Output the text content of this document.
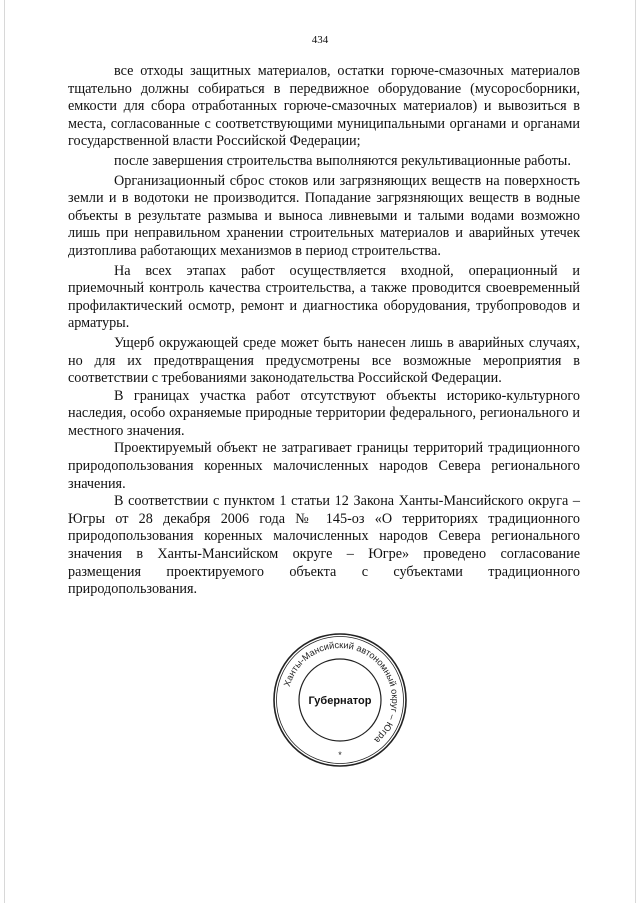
434

все отходы защитных материалов, остатки горюче-смазочных материалов тщательно должны собираться в передвижное оборудование (мусоросборники, емкости для сбора отработанных горюче-смазочных материалов) и вывозиться в места, согласованные с соответствующими муниципальными органами и органами государственной власти Российской Федерации;

после завершения строительства выполняются рекультивационные работы.

Организационный сброс стоков или загрязняющих веществ на поверхность земли и в водотоки не производится. Попадание загрязняющих веществ в водные объекты в результате размыва и выноса ливневыми и талыми водами возможно лишь при неправильном хранении строительных материалов и аварийных утечек дизтоплива работающих механизмов в период строительства.

На всех этапах работ осуществляется входной, операционный и приемочный контроль качества строительства, а также проводится своевременный профилактический осмотр, ремонт и диагностика оборудования, трубопроводов и арматуры.

Ущерб окружающей среде может быть нанесен лишь в аварийных случаях, но для их предотвращения предусмотрены все возможные мероприятия в соответствии с требованиями законодательства Российской Федерации.

В границах участка работ отсутствуют объекты историко-культурного наследия, особо охраняемые природные территории федерального, регионального и местного значения.

Проектируемый объект не затрагивает границы территорий традиционного природопользования коренных малочисленных народов Севера регионального значения.

В соответствии с пунктом 1 статьи 12 Закона Ханты-Мансийского округа – Югры от 28 декабря 2006 года № 145-оз «О территориях традиционного природопользования коренных малочисленных народов Севера регионального значения в Ханты-Мансийском округе – Югре» проведено согласование размещения проектируемого объекта с субъектами традиционного природопользования.

Ханты-Мансийский автономный округ – Югра
Губернатор
*
